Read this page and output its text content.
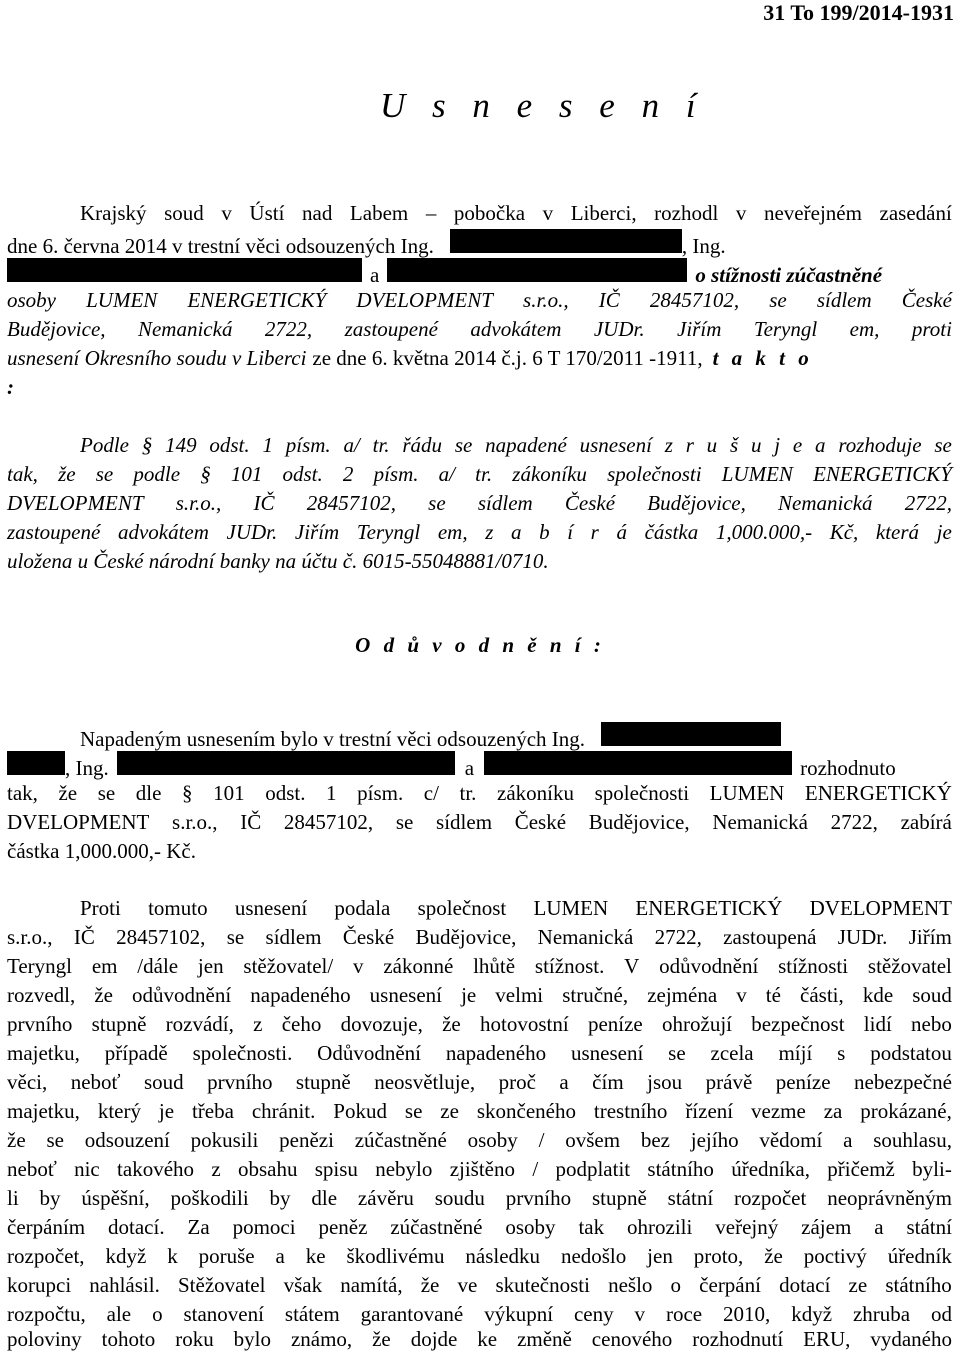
31 To 199/2014-1931
U s n e s e n í
Krajský soud v Ústí nad Labem – pobočka v Liberci, rozhodl v neveřejném zasedání
dne 6. června 2014 v trestní věci odsouzených Ing.	, Ing.
a	o stížnosti zúčastněné
osoby LUMEN ENERGETICKÝ DVELOPMENT s.r.o., IČ 28457102, se sídlem České
Budějovice, Nemanická 2722, zastoupené advokátem JUDr. Jiřím Teryngl em, proti
usnesení Okresního soudu v Liberci ze dne 6. května 2014 č.j. 6 T 170/2011 -1911, t a k t o
:
Podle § 149 odst. 1 písm. a/ tr. řádu se napadené usnesení z r u š u j e a rozhoduje se
tak, že se podle § 101 odst. 2 písm. a/ tr. zákoníku společnosti LUMEN ENERGETICKÝ
DVELOPMENT s.r.o., IČ 28457102, se sídlem České Budějovice, Nemanická 2722,
zastoupené advokátem JUDr. Jiřím Teryngl em, z a b í r á částka 1,000.000,- Kč, která je
uložena u České národní banky na účtu č. 6015-55048881/0710.
O d ů v o d n ě n í :
Napadeným usnesením bylo v trestní věci odsouzených Ing.
, Ing.	a	rozhodnuto
tak, že se dle § 101 odst. 1 písm. c/ tr. zákoníku společnosti LUMEN ENERGETICKÝ
DVELOPMENT s.r.o., IČ 28457102, se sídlem České Budějovice, Nemanická 2722, zabírá
částka 1,000.000,- Kč.
Proti tomuto usnesení podala společnost LUMEN ENERGETICKÝ DVELOPMENT
s.r.o., IČ 28457102, se sídlem České Budějovice, Nemanická 2722, zastoupená JUDr. Jiřím
Teryngl em /dále jen stěžovatel/ v zákonné lhůtě stížnost. V odůvodnění stížnosti stěžovatel
rozvedl, že odůvodnění napadeného usnesení je velmi stručné, zejména v té části, kde soud
prvního stupně rozvádí, z čeho dovozuje, že hotovostní peníze ohrožují bezpečnost lidí nebo
majetku, případě společnosti. Odůvodnění napadeného usnesení se zcela míjí s podstatou
věci, neboť soud prvního stupně neosvětluje, proč a čím jsou právě peníze nebezpečné
majetku, který je třeba chránit. Pokud se ze skončeného trestního řízení vezme za prokázané,
že se odsouzení pokusili penězi zúčastněné osoby / ovšem bez jejího vědomí a souhlasu,
neboť nic takového z obsahu spisu nebylo zjištěno / podplatit státního úředníka, přičemž byli-
li by úspěšní, poškodili by dle závěru soudu prvního stupně státní rozpočet neoprávněným
čerpáním dotací. Za pomoci peněz zúčastněné osoby tak ohrozili veřejný zájem a státní
rozpočet, když k poruše a ke škodlivému následku nedošlo jen proto, že poctivý úředník
korupci nahlásil. Stěžovatel však namítá, že ve skutečnosti nešlo o čerpání dotací ze státního
rozpočtu, ale o stanovení státem garantované výkupní ceny v roce 2010, když zhruba od
poloviny tohoto roku bylo známo, že dojde ke změně cenového rozhodnutí ERU, vydaného
